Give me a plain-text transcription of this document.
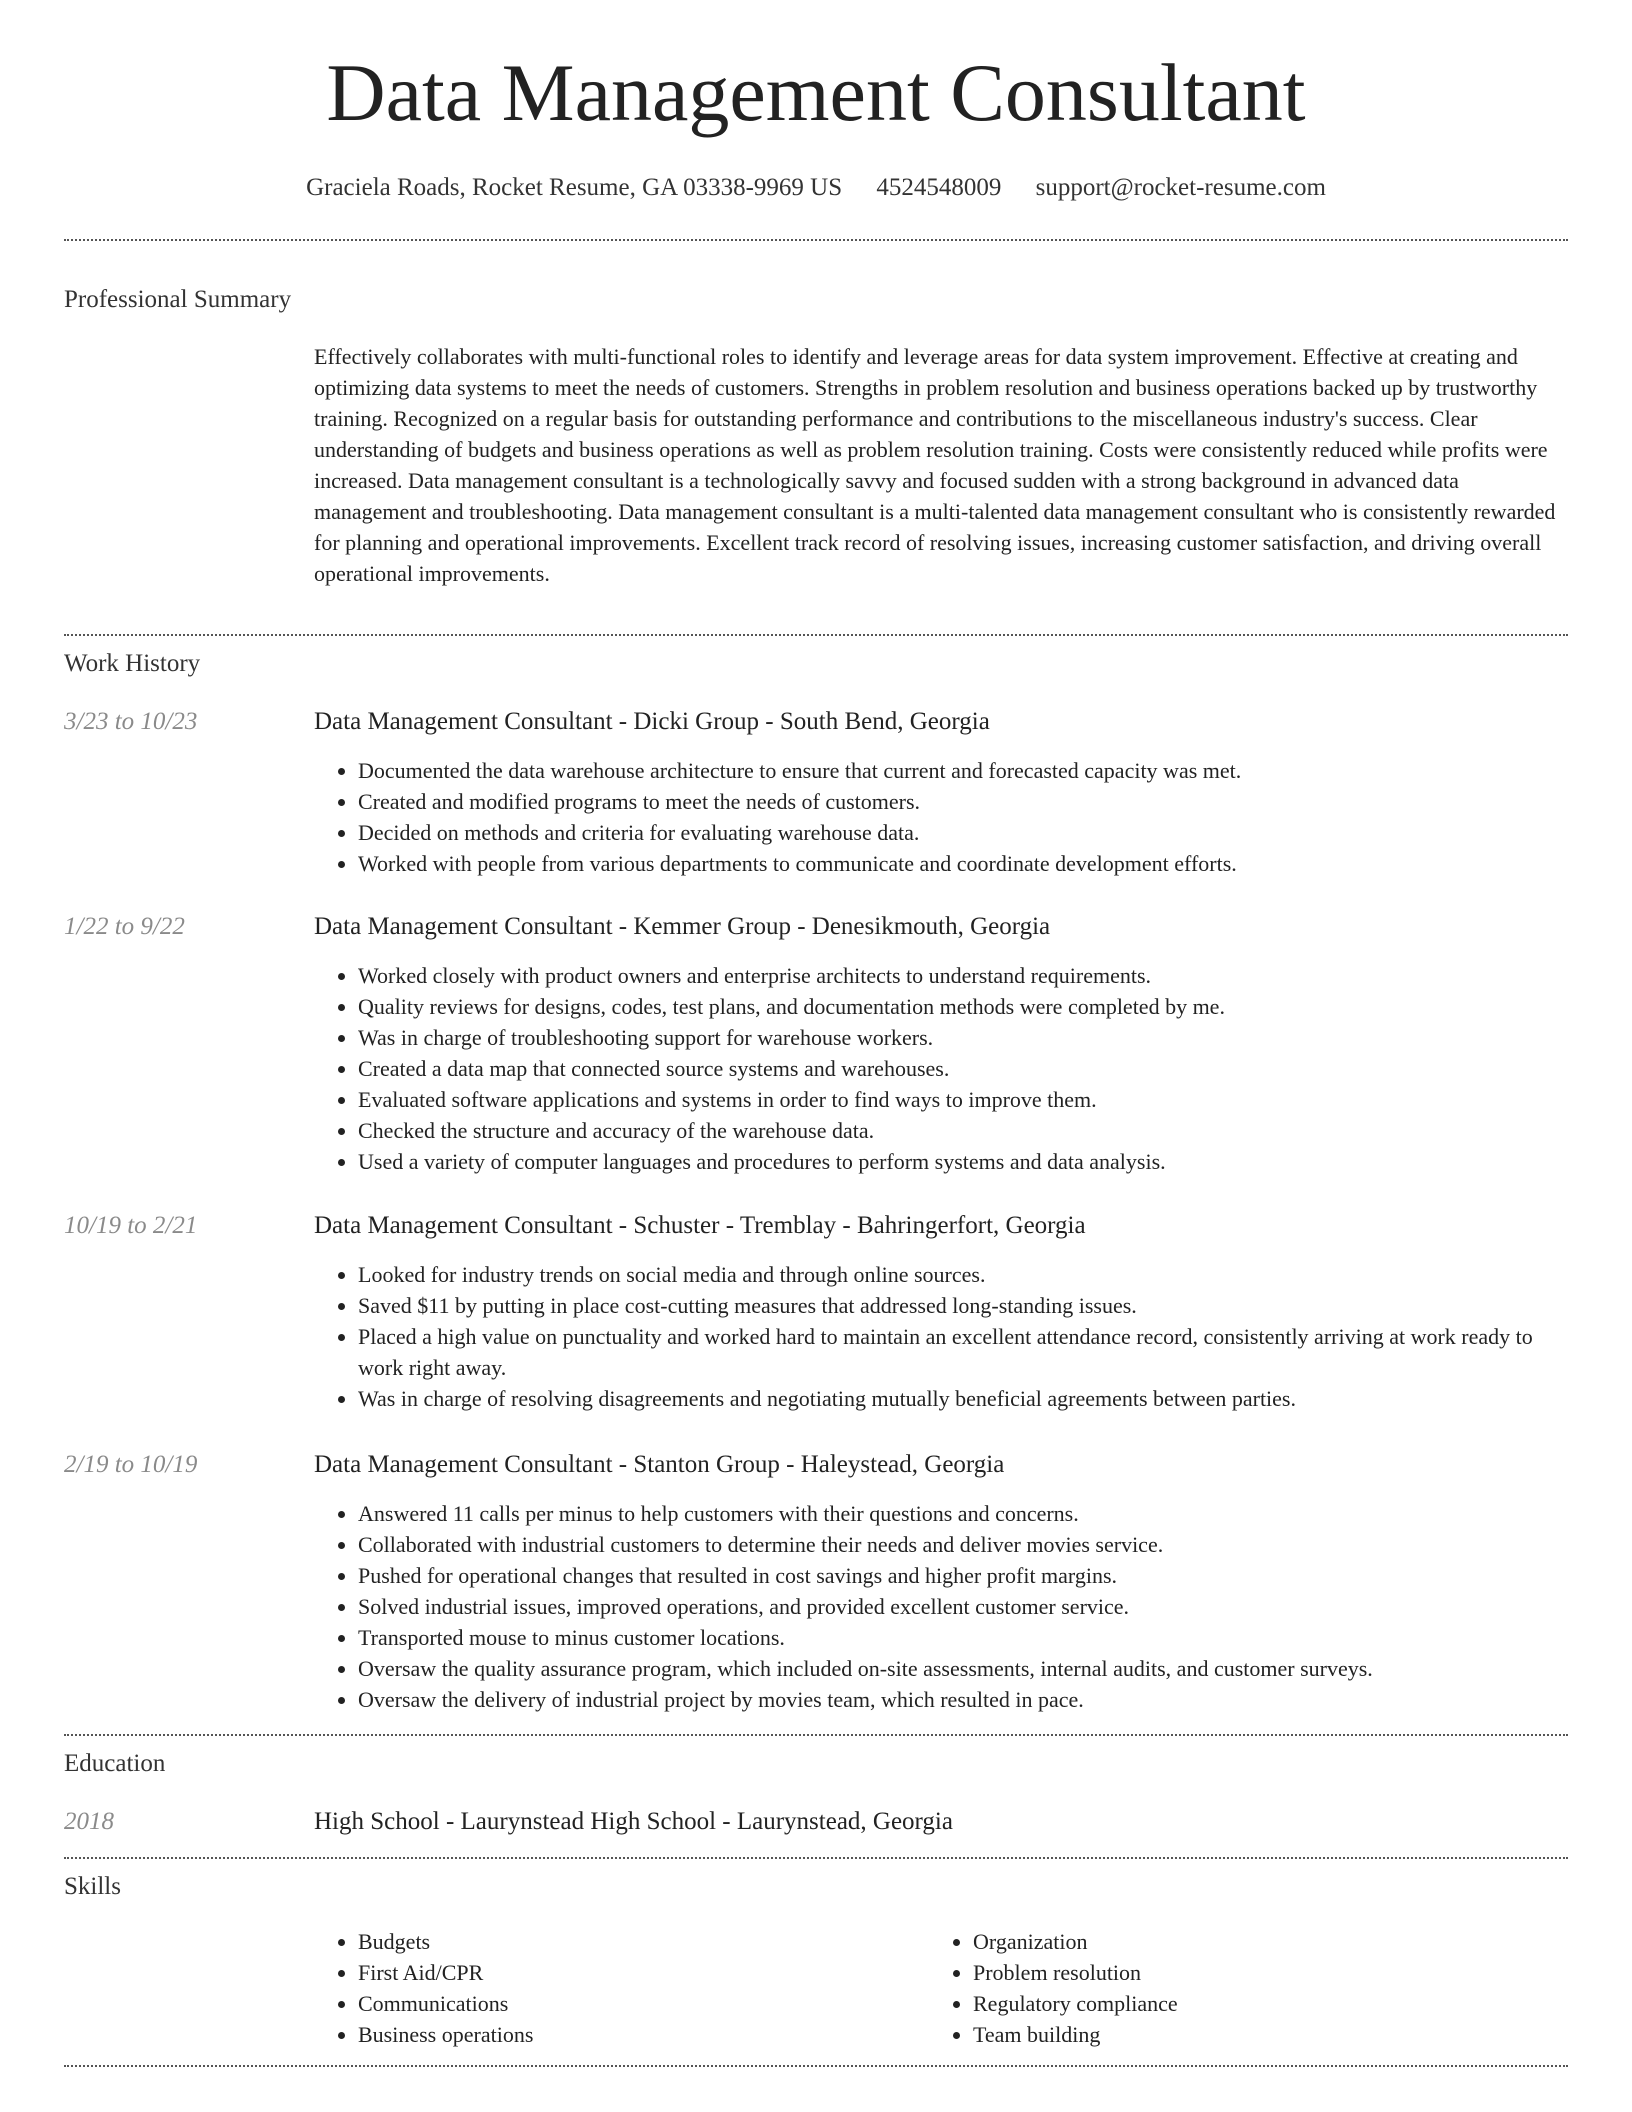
Data Management Consultant
Graciela Roads, Rocket Resume, GA 03338-9969 US 4524548009 support@rocket-resume.com
Professional Summary
Effectively collaborates with multi-functional roles to identify and leverage areas for data system improvement. Effective at creating and optimizing data systems to meet the needs of customers. Strengths in problem resolution and business operations backed up by trustworthy training. Recognized on a regular basis for outstanding performance and contributions to the miscellaneous industry's success. Clear understanding of budgets and business operations as well as problem resolution training. Costs were consistently reduced while profits were increased. Data management consultant is a technologically savvy and focused sudden with a strong background in advanced data management and troubleshooting. Data management consultant is a multi-talented data management consultant who is consistently rewarded for planning and operational improvements. Excellent track record of resolving issues, increasing customer satisfaction, and driving overall operational improvements.
Work History
3/23 to 10/23	Data Management Consultant - Dicki Group - South Bend, Georgia
• Documented the data warehouse architecture to ensure that current and forecasted capacity was met.
• Created and modified programs to meet the needs of customers.
• Decided on methods and criteria for evaluating warehouse data.
• Worked with people from various departments to communicate and coordinate development efforts.
1/22 to 9/22	Data Management Consultant - Kemmer Group - Denesikmouth, Georgia
• Worked closely with product owners and enterprise architects to understand requirements.
• Quality reviews for designs, codes, test plans, and documentation methods were completed by me.
• Was in charge of troubleshooting support for warehouse workers.
• Created a data map that connected source systems and warehouses.
• Evaluated software applications and systems in order to find ways to improve them.
• Checked the structure and accuracy of the warehouse data.
• Used a variety of computer languages and procedures to perform systems and data analysis.
10/19 to 2/21	Data Management Consultant - Schuster - Tremblay - Bahringerfort, Georgia
• Looked for industry trends on social media and through online sources.
• Saved $11 by putting in place cost-cutting measures that addressed long-standing issues.
• Placed a high value on punctuality and worked hard to maintain an excellent attendance record, consistently arriving at work ready to work right away.
• Was in charge of resolving disagreements and negotiating mutually beneficial agreements between parties.
2/19 to 10/19	Data Management Consultant - Stanton Group - Haleystead, Georgia
• Answered 11 calls per minus to help customers with their questions and concerns.
• Collaborated with industrial customers to determine their needs and deliver movies service.
• Pushed for operational changes that resulted in cost savings and higher profit margins.
• Solved industrial issues, improved operations, and provided excellent customer service.
• Transported mouse to minus customer locations.
• Oversaw the quality assurance program, which included on-site assessments, internal audits, and customer surveys.
• Oversaw the delivery of industrial project by movies team, which resulted in pace.
Education
2018	High School - Laurynstead High School - Laurynstead, Georgia
Skills
• Budgets
• First Aid/CPR
• Communications
• Business operations
• Organization
• Problem resolution
• Regulatory compliance
• Team building
